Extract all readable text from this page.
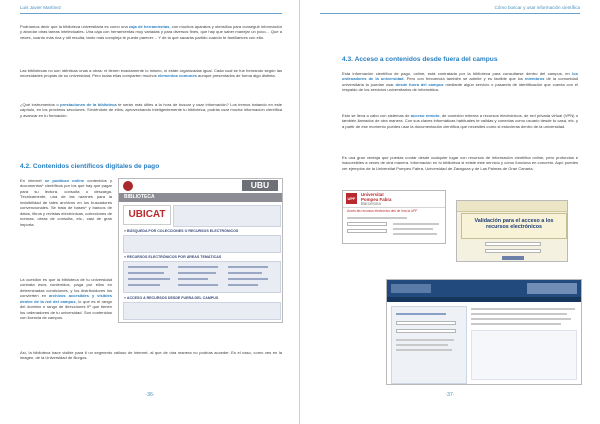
Luis Javier Martínez
Podríamos decir que la biblioteca universitaria es como una caja de herramientas, con muchos aparatos y utensilios para conseguir información y abordar otras tareas intelectuales. Una caja con herramientas muy variadas y para diversos fines, que hay que saber manejar un poco… Que a veces, cuanto más rica y útil resulta, tanto más compleja te puede parecer… Y de la que sacarás partido cuando te familiarices con ella.
Las bibliotecas no son idénticas unas a otras: ni tienen exactamente lo mismo, ni están organizadas igual. Cada cual se fue formando según las necesidades propias de su universidad. Pero todas ellas comparten muchos elementos comunes aunque presentados de forma algo distinta.
¿Qué instrumentos o prestaciones de la biblioteca te serán más útiles a la hora de buscar y usar información? Los iremos tratando en este capítulo, en los próximos secciones. Sírviéndote de ellos, aprovechando inteligentemente tu biblioteca, podrás usar mucha información científica y avanzar en tu formación.
4.2. Contenidos científicos digitales de pago
En internet se publican online contenidos y documentos* científicos por los que hay que pagar para su lectura, consulta o descarga. Técnicamente, una de las razones para la invisibilidad de tales archivos en los buscadores convencionales. Se trata de bases* y bancos de datos, libros y revistas electrónicas, colecciones de normas, obras de consulta, etc., casi de gran importa.
UBU
BIBLIOTECA
UBICAT
» BÚSQUEDA POR COLECCIONES O RECURSOS ELECTRÓNICOS
» RECURSOS ELECTRÓNICOS POR ÁREAS TEMÁTICAS
» ACCESO A RECURSOS DESDE FUERA DEL CAMPUS
La cuestión es que la biblioteca de tu universidad contrata esos contenidos, paga por ellos en determinadas condiciones, y los distribuidores los convierten en archivos accesibles y visibles dentro de la red del campus, lo que es el rango del dominio o rango de direcciones IP que tienen los ordenadores de tu universidad. Son contenidos con licencia de campus.
Así, la biblioteca hace visible para ti un segmento valioso de internet, al que de otra manera no podrías acceder. Es el caso, como ves en la imagen, de la Universidad de Burgos.
·36·
Cómo buscar y usar información científica
4.3. Acceso a contenidos desde fuera del campus
Esta información científica de pago, online, está contratada por la biblioteca para consultarse dentro del campus, en los ordenadores de la universidad. Pero con frecuencia también se admite y es factible que los miembros de la comunidad universitaria la puedan usar desde fuera del campus mediante algún servicio o pasarela de identificación que cuenta con el respaldo de los servicios universitarios de informática.
Esto se lleva a cabo con sistemas de acceso remoto, de conexión externa a recursos electrónicos, de red privada virtual (VPN) o también llamados de otra manera. Con sus claves informáticas habituales te validas y conectas como usuario desde tu casa, etc. y a partir de ese momento puedes usar la documentación científica que necesites como si estuvieras dentro de la universidad.
Es una gran ventaja que puedas contar desde cualquier lugar con recursos de información científica online, pero profundos e inaccesibles a veces de otra manera. Información en tu biblioteca si existe este servicio y cómo funciona en concreto. Aquí puedes ver ejemplos de la Universitat Pompeu Fabra, Universidad de Zaragoza y de Las Palmas de Gran Canaria.
UPF
Universitat
Pompeu Fabra
Barcelona
Accés als recursos electrònics des de fora la UPF
Validación para el acceso a los recursos electrónicos
·37·
